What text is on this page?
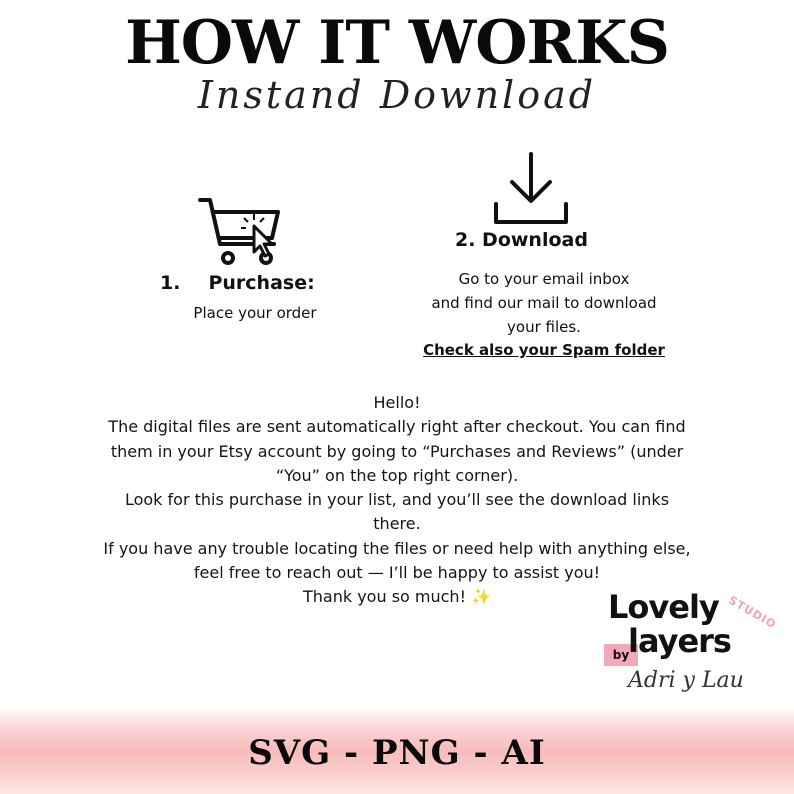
HOW IT WORKS
Instand Download
1. Purchase:
Place your order
2. Download
Go to your email inbox
and find our mail to download
your files.
Check also your Spam folder
Hello!
The digital files are sent automatically right after checkout. You can find
them in your Etsy account by going to “Purchases and Reviews” (under
“You” on the top right corner).
Look for this purchase in your list, and you’ll see the download links
there.
If you have any trouble locating the files or need help with anything else,
feel free to reach out — I’ll be happy to assist you!
Thank you so much! ✨	Lovely
by
layers
STUDIO
Adri y Lau
SVG - PNG - AI
